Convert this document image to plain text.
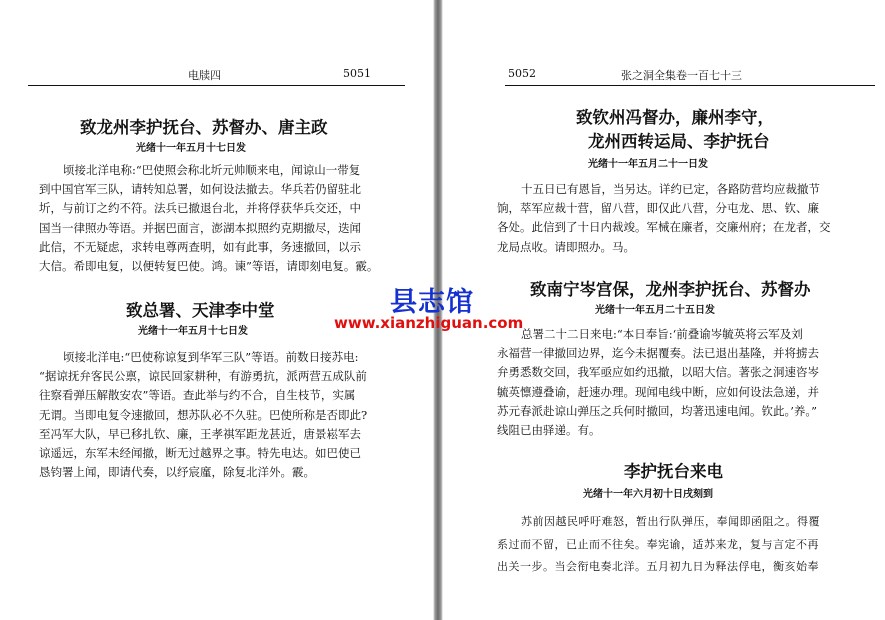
电牍四	5051
致龙州李护抚台、苏督办、唐主政
光绪十一年五月十七日发
顷接北洋电称:“巴使照会称北圻元帅顺来电，闻谅山一带复
到中国官军三队，请转知总署，如何设法撤去。华兵若仍留驻北
圻，与前订之约不符。法兵已撤退台北，并将俘获华兵交还，中
国当一律照办等语。并据巴面言，澎湖本拟照约克期撤尽，迭闻
此信，不无疑虑，求转电尊两查明，如有此事，务速撤回，以示
大信。希即电复，以便转复巴使。鸿。谏”等语，请即刻电复。霰。
致总署、天津李中堂
光绪十一年五月十七日发
顷接北洋电:“巴使称谅复到华军三队”等语。前数日接苏电:
“据谅抚弁客民公禀，谅民回家耕种，有游勇抗，派两营五成队前
往察看弹压解散安农”等语。查此举与约不合，自生枝节，实属
无谓。当即电复令速撤回，想苏队必不久驻。巴使所称是否即此?
至冯军大队，早已移扎钦、廉，王孝祺军距龙甚近，唐景崧军去
谅遥远，东军未经闻撤，断无过越界之事。特先电达。如巴使已
恳钧署上闻，即请代奏，以纾宸廑，除复北洋外。霰。
5052	张之洞全集卷一百七十三
致钦州冯督办，廉州李守，
龙州西转运局、李护抚台
光绪十一年五月二十一日发
十五日已有恩旨，当另达。详约已定，各路防营均应裁撤节
饷，萃军应裁十营，留八营，即仅此八营，分屯龙、思、钦、廉
各处。此信到了十日内裁竣。军械在廉者，交廉州府；在龙者，交
龙局点收。请即照办。马。
致南宁岑宫保，龙州李护抚台、苏督办
光绪十一年五月二十五日发
总署二十二日来电:“本日奉旨:‘前叠谕岑毓英将云军及刘
永福营一律撤回边界，迄今未据覆奏。法已退出基隆，并将掳去
弁勇悉数交回，我军亟应如约迅撤，以昭大信。著张之洞速咨岑
毓英懔遵叠谕，赶速办理。现闻电线中断，应如何设法急递，并
苏元春派赴谅山弹压之兵何时撤回，均著迅速电闻。钦此。’养。”
线阻已由驿递。有。
李护抚台来电
光绪十一年六月初十日戌刻到
苏前因越民呼吁难怒，暂出行队弹压，奉闻即函阻之。得覆
系过而不留，已止而不往矣。奉宪谕，适苏来龙，复与言定不再
出关一步。当会衔电奏北洋。五月初九日为释法俘电，衡亥始奉
县志馆
www.xianzhiguan.com
